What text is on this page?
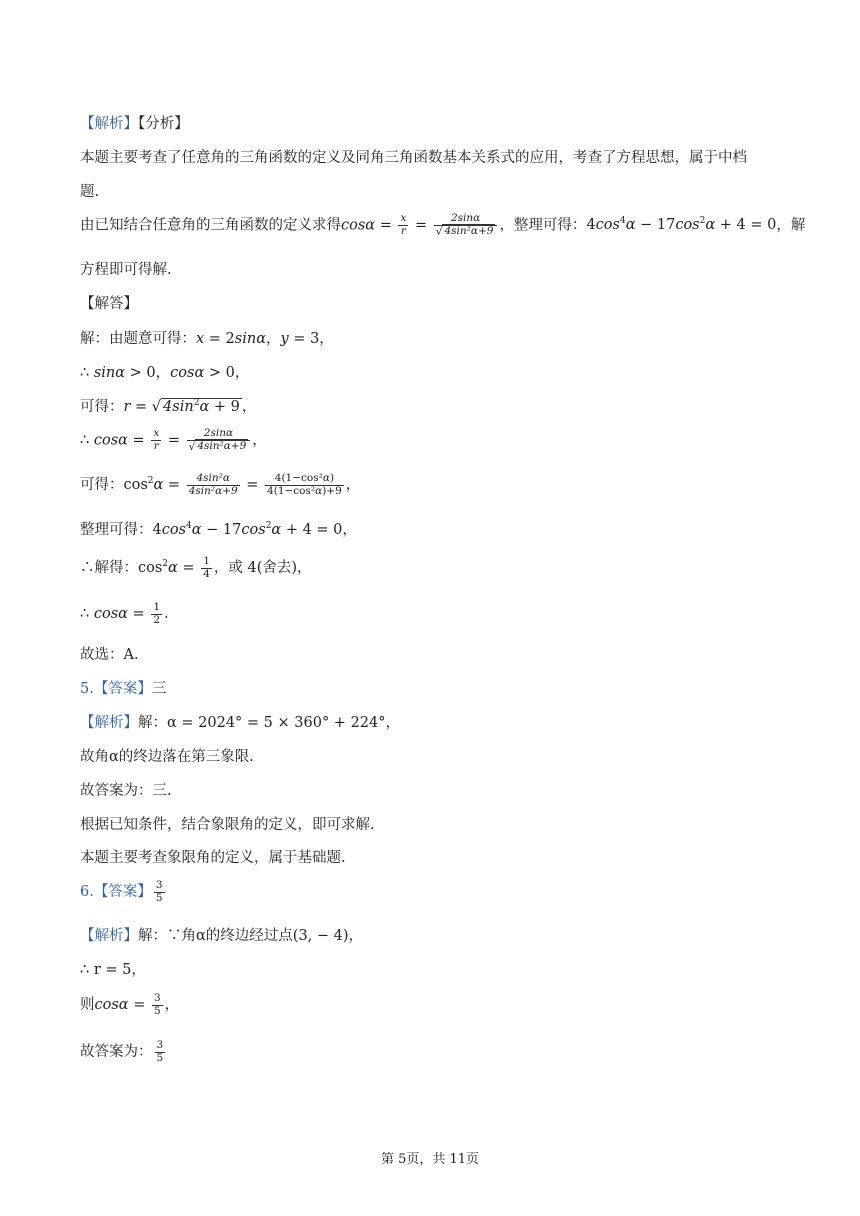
【解析】【分析】
本题主要考查了任意角的三角函数的定义及同角三角函数基本关系式的应用，考查了方程思想，属于中档
题.
由已知结合任意角的三角函数的定义求得$\cos\alpha = \frac{x}{r} = \frac{2\sin\alpha}{\text{√ 4sin²α+9}}$ ，整理可得：$4\cos^4\alpha - 17\cos^2\alpha + 4 = 0$，解
方程即可得解.
【解答】
解：由题意可得：x = 2sinα，y = 3，
∴ sinα > 0，cosα > 0，
可得：r = √ $4\sin^2\alpha + 9$ ，
∴ $\cos\alpha = \frac{x}{r} = \frac{2\sin\alpha}{\text{√ 4sin²α+9}}$ ，
可得：$\cos^2\alpha = \frac{\text{4sin²α}}{\text{4sin²α+9}} = \frac{\text{4(1−cos²α)}}{\text{4(1−cos²α)+9}}$ ，
整理可得：$4\cos^4\alpha - 17\cos^2\alpha + 4 = 0$，
∴解得：$\cos^2\alpha = \frac{1}{4}$ ，或 4(舍去)，
∴ $\cos\alpha = \frac{1}{2}$ .
故选：A.
5.【答案】三
【解析】解：α = 2024° = 5 × 360° + 224°，
故角α的终边落在第三象限.
故答案为：三.
根据已知条件，结合象限角的定义，即可求解.
本题主要考查象限角的定义，属于基础题.
6.【答案】 $\frac{3}{5}$
【解析】解：∵角α的终边经过点(3, − 4)，
∴ r = 5，
则$\cos\alpha = \frac{3}{5}$ ，
故答案为： $\frac{3}{5}$
第 5页，共 11页
